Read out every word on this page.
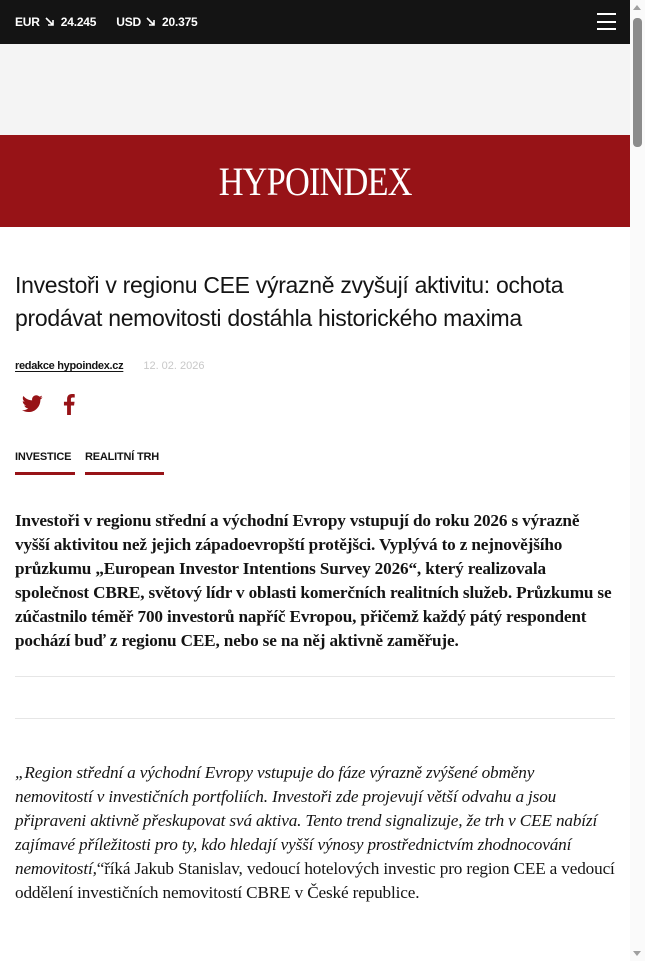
EUR 24.245 USD 20.375
HYPOINDEX
Investoři v regionu CEE výrazně zvyšují aktivitu: ochota prodávat nemovitosti dostáhla historického maxima
redakce hypoindex.cz 12. 02. 2026
INVESTICE	REALITNÍ TRH

Investoři v regionu střední a východní Evropy vstupují do roku 2026 s výrazně vyšší aktivitou než jejich západoevropští protějšci. Vyplývá to z nejnovějšího průzkumu „European Investor Intentions Survey 2026“, který realizovala společnost CBRE, světový lídr v oblasti komerčních realitních služeb. Průzkumu se zúčastnilo téměř 700 investorů napříč Evropou, přičemž každý pátý respondent pochází buď z regionu CEE, nebo se na něj aktivně zaměřuje.

„Region střední a východní Evropy vstupuje do fáze výrazně zvýšené obměny nemovitostí v investičních portfoliích. Investoři zde projevují větší odvahu a jsou připraveni aktivně přeskupovat svá aktiva. Tento trend signalizuje, že trh v CEE nabízí zajímavé příležitosti pro ty, kdo hledají vyšší výnosy prostřednictvím zhodnocování nemovitostí,“říká Jakub Stanislav, vedoucí hotelových investic pro region CEE a vedoucí oddělení investičních nemovitostí CBRE v České republice.
